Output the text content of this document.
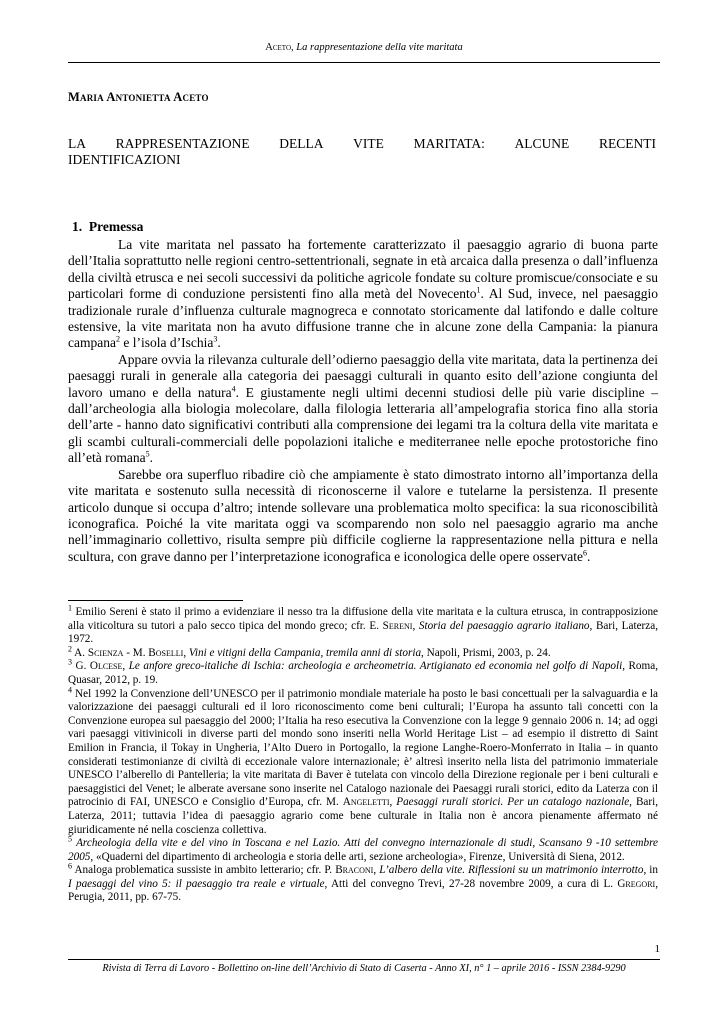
Aceto, La rappresentazione della vite maritata
Maria Antonietta Aceto
LA RAPPRESENTAZIONE DELLA VITE MARITATA: ALCUNE RECENTI
IDENTIFICAZIONI
1. Premessa

La vite maritata nel passato ha fortemente caratterizzato il paesaggio agrario di buona parte dell’Italia soprattutto nelle regioni centro-settentrionali, segnate in età arcaica dalla presenza o dall’influenza della civiltà etrusca e nei secoli successivi da politiche agricole fondate su colture promiscue/consociate e su particolari forme di conduzione persistenti fino alla metà del Novecento$^1$. Al Sud, invece, nel paesaggio tradizionale rurale d’influenza culturale magnogreca e connotato storicamente dal latifondo e dalle colture estensive, la vite maritata non ha avuto diffusione tranne che in alcune zone della Campania: la pianura campana$^2$ e l’isola d’Ischia$^3$.

Appare ovvia la rilevanza culturale dell’odierno paesaggio della vite maritata, data la pertinenza dei paesaggi rurali in generale alla categoria dei paesaggi culturali in quanto esito dell’azione congiunta del lavoro umano e della natura$^4$. E giustamente negli ultimi decenni studiosi delle più varie discipline – dall’archeologia alla biologia molecolare, dalla filologia letteraria all’ampelografia storica fino alla storia dell’arte - hanno dato significativi contributi alla comprensione dei legami tra la coltura della vite maritata e gli scambi culturali-commerciali delle popolazioni italiche e mediterranee nelle epoche protostoriche fino all’età romana$^5$.

Sarebbe ora superfluo ribadire ciò che ampiamente è stato dimostrato intorno all’importanza della vite maritata e sostenuto sulla necessità di riconoscerne il valore e tutelarne la persistenza. Il presente articolo dunque si occupa d’altro; intende sollevare una problematica molto specifica: la sua riconoscibilità iconografica. Poiché la vite maritata oggi va scomparendo non solo nel paesaggio agrario ma anche nell’immaginario collettivo, risulta sempre più difficile coglierne la rappresentazione nella pittura e nella scultura, con grave danno per l’interpretazione iconografica e iconologica delle opere osservate$^6$.

$^1$ Emilio Sereni è stato il primo a evidenziare il nesso tra la diffusione della vite maritata e la cultura etrusca, in contrapposizione alla viticoltura su tutori a palo secco tipica del mondo greco; cfr. E. Sereni, Storia del paesaggio agrario italiano, Bari, Laterza, 1972.

$^2$ A. Scienza - M. Boselli, Vini e vitigni della Campania, tremila anni di storia, Napoli, Prismi, 2003, p. 24.

$^3$ G. Olcese, Le anfore greco-italiche di Ischia: archeologia e archeometria. Artigianato ed economia nel golfo di Napoli, Roma, Quasar, 2012, p. 19.

$^4$ Nel 1992 la Convenzione dell’UNESCO per il patrimonio mondiale materiale ha posto le basi concettuali per la salvaguardia e la valorizzazione dei paesaggi culturali ed il loro riconoscimento come beni culturali; l’Europa ha assunto tali concetti con la Convenzione europea sul paesaggio del 2000; l’Italia ha reso esecutiva la Convenzione con la legge 9 gennaio 2006 n. 14; ad oggi vari paesaggi vitivinicoli in diverse parti del mondo sono inseriti nella World Heritage List – ad esempio il distretto di Saint Emilion in Francia, il Tokay in Ungheria, l’Alto Duero in Portogallo, la regione Langhe-Roero-Monferrato in Italia – in quanto considerati testimonianze di civiltà di eccezionale valore internazionale; è’ altresì inserito nella lista del patrimonio immateriale UNESCO l’alberello di Pantelleria; la vite maritata di Baver è tutelata con vincolo della Direzione regionale per i beni culturali e paesaggistici del Venet; le alberate aversane sono inserite nel Catalogo nazionale dei Paesaggi rurali storici, edito da Laterza con il patrocinio di FAI, UNESCO e Consiglio d’Europa, cfr. M. Angeletti, Paesaggi rurali storici. Per un catalogo nazionale, Bari, Laterza, 2011; tuttavia l’idea di paesaggio agrario come bene culturale in Italia non è ancora pienamente affermato né giuridicamente né nella coscienza collettiva.

$^5$ Archeologia della vite e del vino in Toscana e nel Lazio. Atti del convegno internazionale di studi, Scansano 9 -10 settembre 2005, «Quaderni del dipartimento di archeologia e storia delle arti, sezione archeologia», Firenze, Università di Siena, 2012.

$^6$ Analoga problematica sussiste in ambito letterario; cfr. P. Braconi, L’albero della vite. Riflessioni su un matrimonio interrotto, in I paesaggi del vino 5: il paesaggio tra reale e virtuale, Atti del convegno Trevi, 27-28 novembre 2009, a cura di L. Gregori, Perugia, 2011, pp. 67-75.

1
Rivista di Terra di Lavoro - Bollettino on-line dell’Archivio di Stato di Caserta - Anno XI, n° 1 – aprile 2016 - ISSN 2384-9290
